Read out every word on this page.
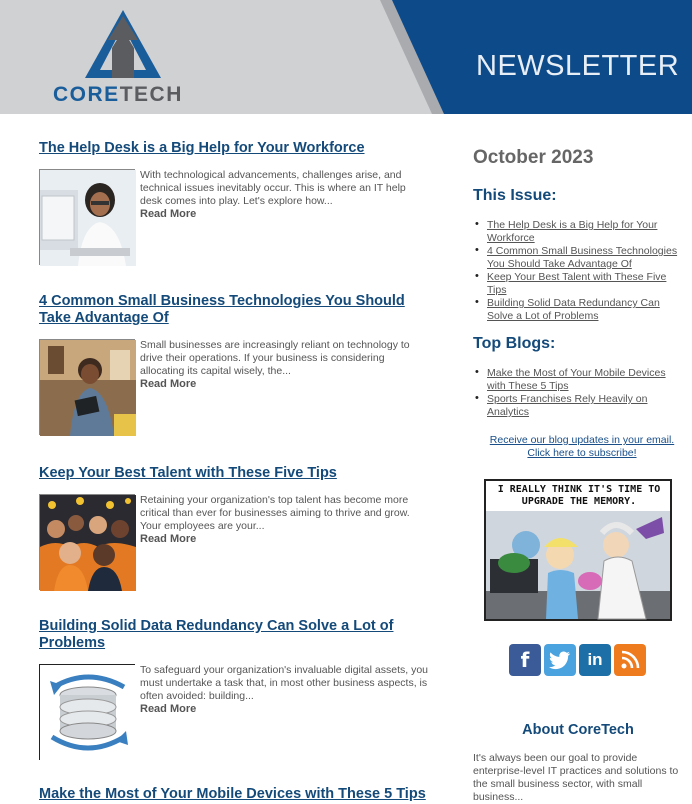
CORETECH
NEWSLETTER
The Help Desk is a Big Help for Your Workforce
With technological advancements, challenges arise, and technical issues inevitably occur. This is where an IT help desk comes into play. Let's explore how...
Read More
4 Common Small Business Technologies You Should Take Advantage Of
Small businesses are increasingly reliant on technology to drive their operations. If your business is considering allocating its capital wisely, the...
Read More
Keep Your Best Talent with These Five Tips
Retaining your organization's top talent has become more critical than ever for businesses aiming to thrive and grow. Your employees are your...
Read More
Building Solid Data Redundancy Can Solve a Lot of Problems
To safeguard your organization's invaluable digital assets, you must undertake a task that, in most other business aspects, is often avoided: building...
Read More
Make the Most of Your Mobile Devices with These 5 Tips
October 2023
This Issue:
• The Help Desk is a Big Help for Your Workforce
• 4 Common Small Business Technologies You Should Take Advantage Of
• Keep Your Best Talent with These Five Tips
• Building Solid Data Redundancy Can Solve a Lot of Problems
Top Blogs:
• Make the Most of Your Mobile Devices with These 5 Tips
• Sports Franchises Rely Heavily on Analytics
Receive our blog updates in your email.
Click here to subscribe!
I REALLY THINK IT'S TIME TO UPGRADE THE MEMORY.
f	in
About CoreTech
It's always been our goal to provide enterprise-level IT practices and solutions to the small business sector, with small business...
